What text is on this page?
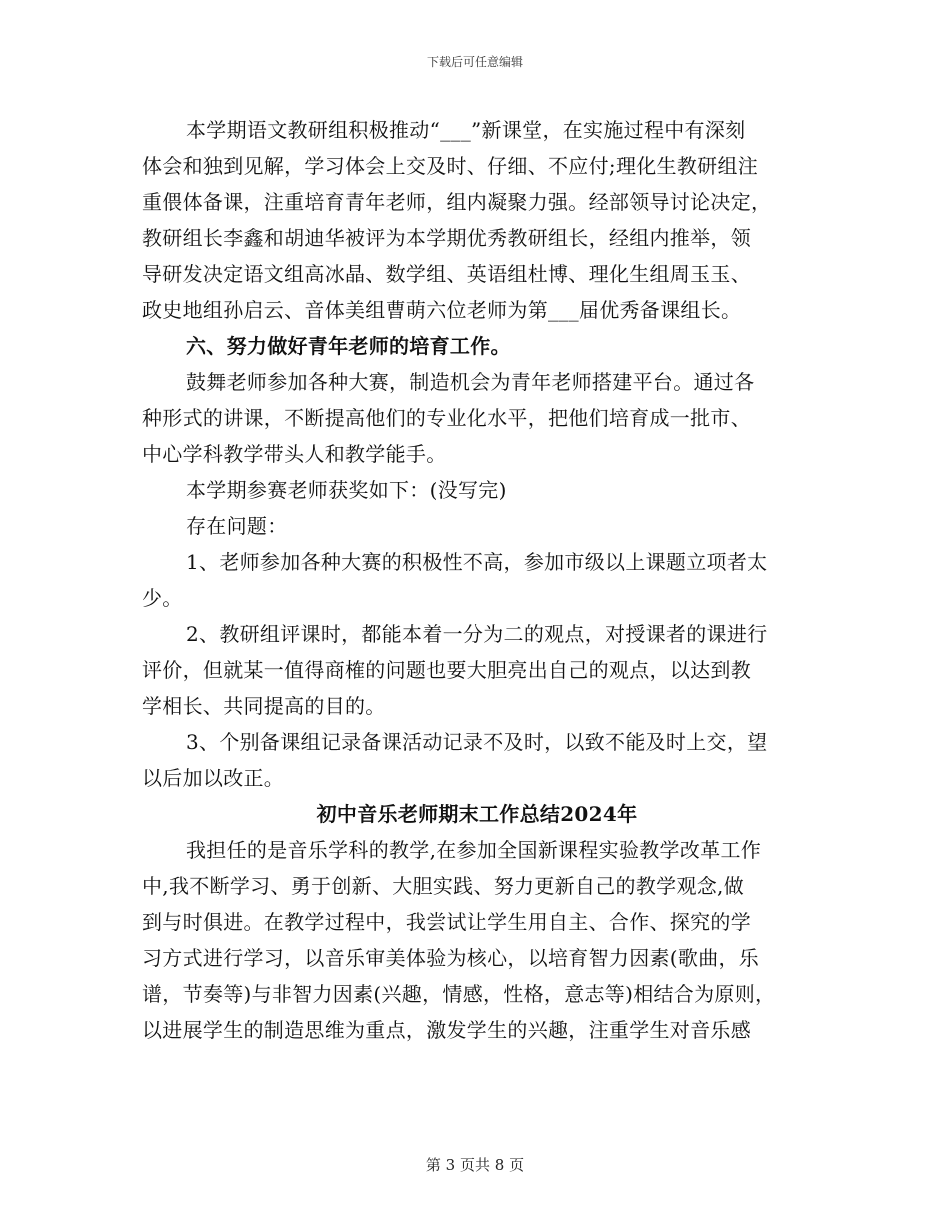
下载后可任意编辑
本学期语文教研组积极推动“___”新课堂，在实施过程中有深刻
体会和独到见解，学习体会上交及时、仔细、不应付;理化生教研组注
重偎体备课，注重培育青年老师，组内凝聚力强。经部领导讨论决定，
教研组长李鑫和胡迪华被评为本学期优秀教研组长，经组内推举，领
导研发决定语文组高冰晶、数学组、英语组杜博、理化生组周玉玉、
政史地组孙启云、音体美组曹萌六位老师为第___届优秀备课组长。
六、努力做好青年老师的培育工作。
鼓舞老师参加各种大赛，制造机会为青年老师搭建平台。通过各
种形式的讲课，不断提高他们的专业化水平，把他们培育成一批市、
中心学科教学带头人和教学能手。
本学期参赛老师获奖如下：(没写完)
存在问题：
1、老师参加各种大赛的积极性不高，参加市级以上课题立项者太
少。
2、教研组评课时，都能本着一分为二的观点，对授课者的课进行
评价，但就某一值得商榷的问题也要大胆亮出自己的观点，以达到教
学相长、共同提高的目的。
3、个别备课组记录备课活动记录不及时，以致不能及时上交，望
以后加以改正。
初中音乐老师期末工作总结2024年
我担任的是音乐学科的教学,在参加全国新课程实验教学改革工作
中,我不断学习、勇于创新、大胆实践、努力更新自己的教学观念,做
到与时俱进。在教学过程中，我尝试让学生用自主、合作、探究的学
习方式进行学习，以音乐审美体验为核心，以培育智力因素(歌曲，乐
谱，节奏等)与非智力因素(兴趣，情感，性格，意志等)相结合为原则，
以进展学生的制造思维为重点，激发学生的兴趣，注重学生对音乐感
第 3 页共 8 页
